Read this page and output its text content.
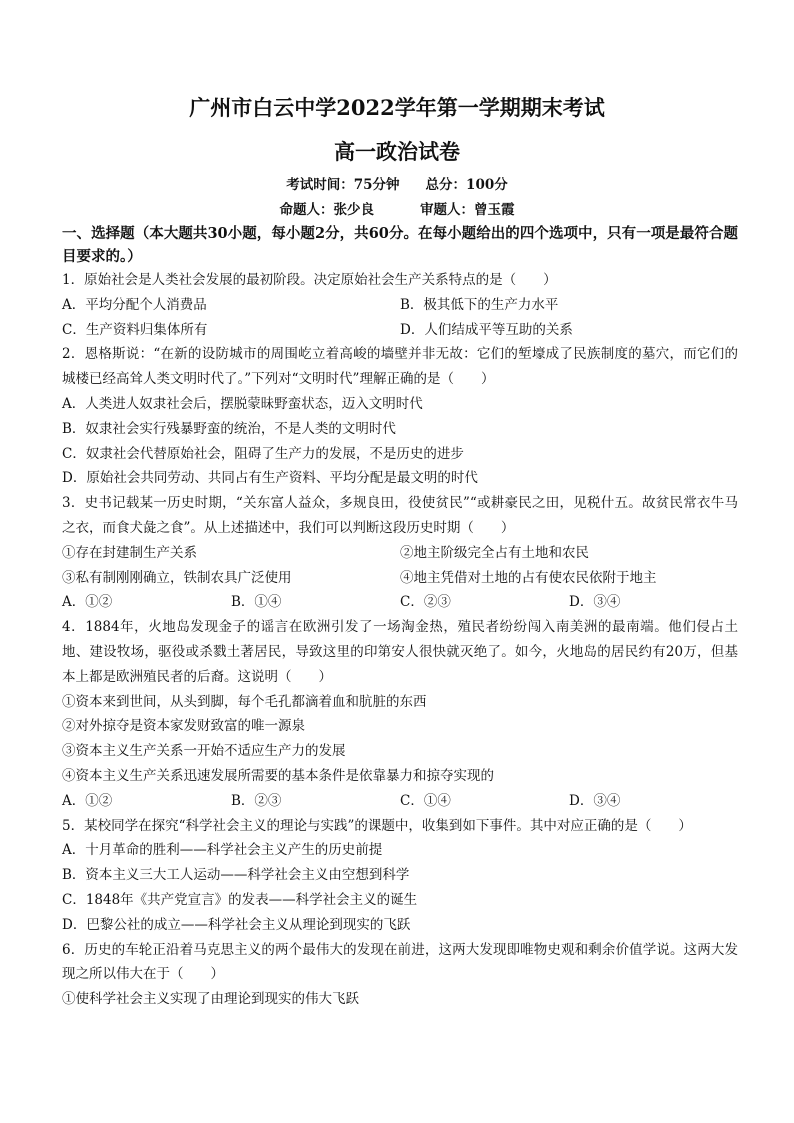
广州市白云中学2022学年第一学期期末考试
高一政治试卷
考试时间：75分钟 总分：100分
命题人：张少良	审题人：曾玉霞
一、选择题（本大题共30小题，每小题2分，共60分。在每小题给出的四个选项中，只有一项是最符合题目要求的。）
1．原始社会是人类社会发展的最初阶段。决定原始社会生产关系特点的是（　　）
A．平均分配个人消费品	B．极其低下的生产力水平
C．生产资料归集体所有	D．人们结成平等互助的关系
2．恩格斯说：“在新的设防城市的周围屹立着高峻的墙壁并非无故：它们的堑壕成了民族制度的墓穴，而它们的城楼已经高耸人类文明时代了。”下列对“文明时代”理解正确的是（　　）
A．人类进人奴隶社会后，摆脱蒙昧野蛮状态，迈入文明时代
B．奴隶社会实行残暴野蛮的统治，不是人类的文明时代
C．奴隶社会代替原始社会，阻碍了生产力的发展，不是历史的进步
D．原始社会共同劳动、共同占有生产资料、平均分配是最文明的时代
3．史书记载某一历史时期，“关东富人益众，多规良田，役使贫民”“或耕豪民之田，见税什五。故贫民常衣牛马之衣，而食犬彘之食”。从上述描述中，我们可以判断这段历史时期（　　）
①存在封建制生产关系	②地主阶级完全占有土地和农民
③私有制刚刚确立，铁制农具广泛使用	④地主凭借对土地的占有使农民依附于地主
A．①②	B．①④	C．②③	D．③④
4．1884年，火地岛发现金子的谣言在欧洲引发了一场淘金热，殖民者纷纷闯入南美洲的最南端。他们侵占土地、建设牧场，驱役或杀戮土著居民，导致这里的印第安人很快就灭绝了。如今，火地岛的居民约有20万，但基本上都是欧洲殖民者的后裔。这说明（　　）
①资本来到世间，从头到脚，每个毛孔都滴着血和肮脏的东西
②对外掠夺是资本家发财致富的唯一源泉
③资本主义生产关系一开始不适应生产力的发展
④资本主义生产关系迅速发展所需要的基本条件是依靠暴力和掠夺实现的
A．①②	B．②③	C．①④	D．③④
5．某校同学在探究“科学社会主义的理论与实践”的课题中，收集到如下事件。其中对应正确的是（　　）
A．十月革命的胜利——科学社会主义产生的历史前提
B．资本主义三大工人运动——科学社会主义由空想到科学
C．1848年《共产党宣言》的发表——科学社会主义的诞生
D．巴黎公社的成立——科学社会主义从理论到现实的飞跃
6．历史的车轮正沿着马克思主义的两个最伟大的发现在前进，这两大发现即唯物史观和剩余价值学说。这两大发现之所以伟大在于（　　）
①使科学社会主义实现了由理论到现实的伟大飞跃
